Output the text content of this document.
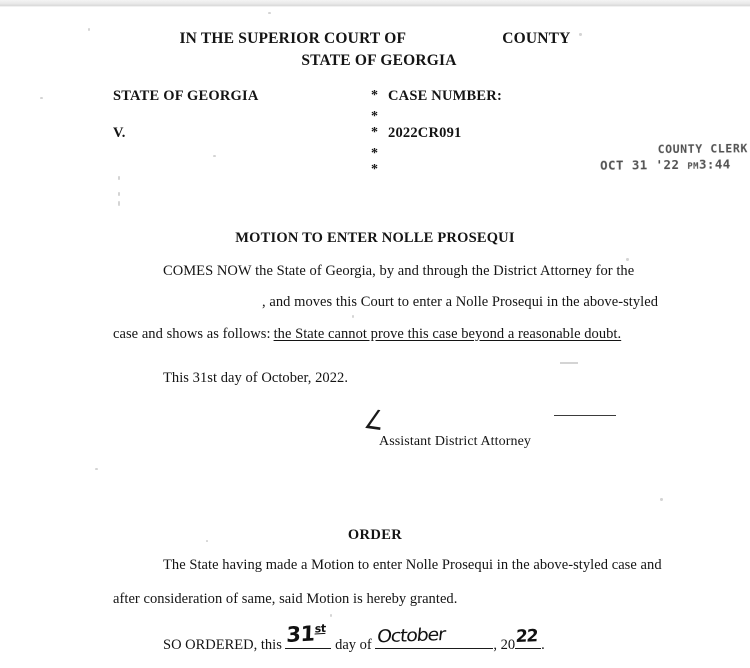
IN THE SUPERIOR COURT OF	COUNTY
STATE OF GEORGIA
STATE OF GEORGIA	* CASE NUMBER:
*
V.	* 2022CR091
*
*
COUNTY CLERK
OCT 31 '22 PM3:44
MOTION TO ENTER NOLLE PROSEQUI
COMES NOW the State of Georgia, by and through the District Attorney for the
, and moves this Court to enter a Nolle Prosequi in the above-styled
case and shows as follows: the State cannot prove this case beyond a reasonable doubt.
This 31st day of October, 2022.
∠
Assistant District Attorney
ORDER
The State having made a Motion to enter Nolle Prosequi in the above-styled case and
after consideration of same, said Motion is hereby granted.
SO ORDERED, this 31st
day of October	, 20 22 .
